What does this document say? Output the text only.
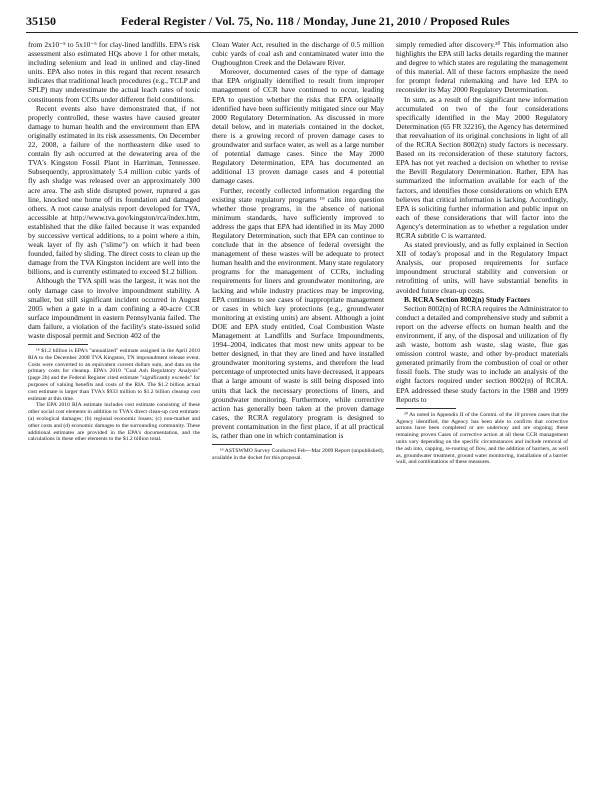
35150	Federal Register / Vol. 75, No. 118 / Monday, June 21, 2010 / Proposed Rules

from 2x10⁻⁵ to 5x10⁻⁵ for clay-lined landfills. EPA's risk assessment also estimated HQs above 1 for other metals, including selenium and lead in unlined and clay-lined units. EPA also notes in this regard that recent research indicates that traditional leach procedures (e.g., TCLP and SPLP) may underestimate the actual leach rates of toxic constituents from CCRs under different field conditions.

Recent events also have demonstrated that, if not properly controlled, these wastes have caused greater damage to human health and the environment than EPA originally estimated in its risk assessments. On December 22, 2008, a failure of the northeastern dike used to contain fly ash occurred at the dewatering area of the TVA's Kingston Fossil Plant in Harriman, Tennessee. Subsequently, approximately 5.4 million cubic yards of fly ash sludge was released over an approximately 300 acre area. The ash slide disrupted power, ruptured a gas line, knocked one home off its foundation and damaged others. A root cause analysis report developed for TVA, accessible at http://www.tva.gov/kingston/rca/index.htm, established that the dike failed because it was expanded by successive vertical additions, to a point where a thin, weak layer of fly ash ("slime") on which it had been founded, failed by sliding. The direct costs to clean up the damage from the TVA Kingston incident are well into the billions, and is currently estimated to exceed $1.2 billion.

Although the TVA spill was the largest, it was not the only damage case to involve impoundment stability. A smaller, but still significant incident occurred in August 2005 when a gate in a dam confining a 40-acre CCR surface impoundment in eastern Pennsylvania failed. The dam failure, a violation of the facility's state-issued solid waste disposal permit and Section 402 of the

¹⁸ $1.2 billion is EPA's "annualized" estimate assigned in the April 2010 RIA to the December 2008 TVA Kingston, TN impoundment release event. Costs were converted to an equivalent current dollars sum, and data on the primary costs for cleanup. EPA's 2010 "Coal Ash Regulatory Analysis" (page 2b) and the Federal Register cited estimate "significantly exceeds" for purposes of valuing benefits and costs of the RIA. The $1.2 billion actual cost estimate is larger than TVA's $933 million to $1.2 billion cleanup cost estimate at this time.

The EPA 2010 RIA estimate includes cost estimate consisting of these other social cost elements in addition to TVA's direct clean-up cost estimate: (a) ecological damages; (b) regional economic losses; (c) non-market and other costs and (d) economic damages to the surrounding community. These additional estimates are provided in the EPA's documentation, and the calculations in these other elements to the $1.2 billion total.

Clean Water Act, resulted in the discharge of 0.5 million cubic yards of coal ash and contaminated water into the Oughoughton Creek and the Delaware River.

Moreover, documented cases of the type of damage that EPA originally identified to result from improper management of CCR have continued to occur, leading EPA to question whether the risks that EPA originally identified have been sufficiently mitigated since our May 2000 Regulatory Determination. As discussed in more detail below, and in materials contained in the docket, there is a growing record of proven damage cases to groundwater and surface water, as well as a large number of potential damage cases. Since the May 2000 Regulatory Determination, EPA has documented an additional 13 proven damage cases and 4 potential damage cases.

Further, recently collected information regarding the existing state regulatory programs ¹⁹ calls into question whether those programs, in the absence of national minimum standards, have sufficiently improved to address the gaps that EPA had identified in its May 2000 Regulatory Determination, such that EPA can continue to conclude that in the absence of federal oversight the management of these wastes will be adequate to protect human health and the environment. Many state regulatory programs for the management of CCRs, including requirements for liners and groundwater monitoring, are lacking and while industry practices may be improving, EPA continues to see cases of inappropriate management or cases in which key protections (e.g., groundwater monitoring at existing units) are absent. Although a joint DOE and EPA study entitled, Coal Combustion Waste Management at Landfills and Surface Impoundments, 1994–2004, indicates that most new units appear to be better designed, in that they are lined and have installed groundwater monitoring systems, and therefore the lead percentage of unprotected units have decreased, it appears that a large amount of waste is still being disposed into units that lack the necessary protections of liners, and groundwater monitoring. Furthermore, while corrective action has generally been taken at the proven damage cases, the RCRA regulatory program is designed to prevent contamination in the first place, if at all practical is, rather than one in which contamination is

¹⁹ ASTSWMO Survey Conducted Feb—Mar 2009 Report (unpublished), available in the docket for this proposal.

simply remedied after discovery.²⁰ This information also highlights the EPA still lacks details regarding the manner and degree to which states are regulating the management of this material. All of these factors emphasize the need for prompt federal rulemaking and have led EPA to reconsider its May 2000 Regulatory Determination.

In sum, as a result of the significant new information accumulated on two of the four considerations specifically identified in the May 2000 Regulatory Determination (65 FR 32216), the Agency has determined that reevaluation of its original conclusions in light of all of the RCRA Section 8002(n) study factors is necessary. Based on its reconsideration of these statutory factors, EPA has not yet reached a decision on whether to revise the Bevill Regulatory Determination. Rather, EPA has summarized the information available for each of the factors, and identifies those considerations on which EPA believes that critical information is lacking. Accordingly, EPA is soliciting further information and public input on each of these considerations that will factor into the Agency's determination as to whether a regulation under RCRA subtitle C is warranted.

As stated previously, and as fully explained in Section XII of today's proposal and in the Regulatory Impact Analysis, our proposed requirements for surface impoundment structural stability and conversion or retrofitting of units, will have substantial benefits in avoided future clean-up costs.

B. RCRA Section 8002(n) Study Factors

Section 8002(n) of RCRA requires the Administrator to conduct a detailed and comprehensive study and submit a report on the adverse effects on human health and the environment, if any, of the disposal and utilization of fly ash waste, bottom ash waste, slag waste, flue gas emission control waste, and other by-product materials generated primarily from the combustion of coal or other fossil fuels. The study was to include an analysis of the eight factors required under section 8002(n) of RCRA. EPA addressed these study factors in the 1988 and 1999 Reports to

²⁰ As noted in Appendix II of the Commi. of the 10 proven cases that the Agency identified, the Agency has been able to confirm that corrective actions have been completed or are underway and are ongoing; these remaining proven Cases of corrective action at all these CCR management units vary depending on the specific circumstances and include removal of the ash into, capping, re-routing of flow, and the addition of barriers, as well as, groundwater treatment, ground water monitoring, installation of a barrier wall, and combinations of these measures.
